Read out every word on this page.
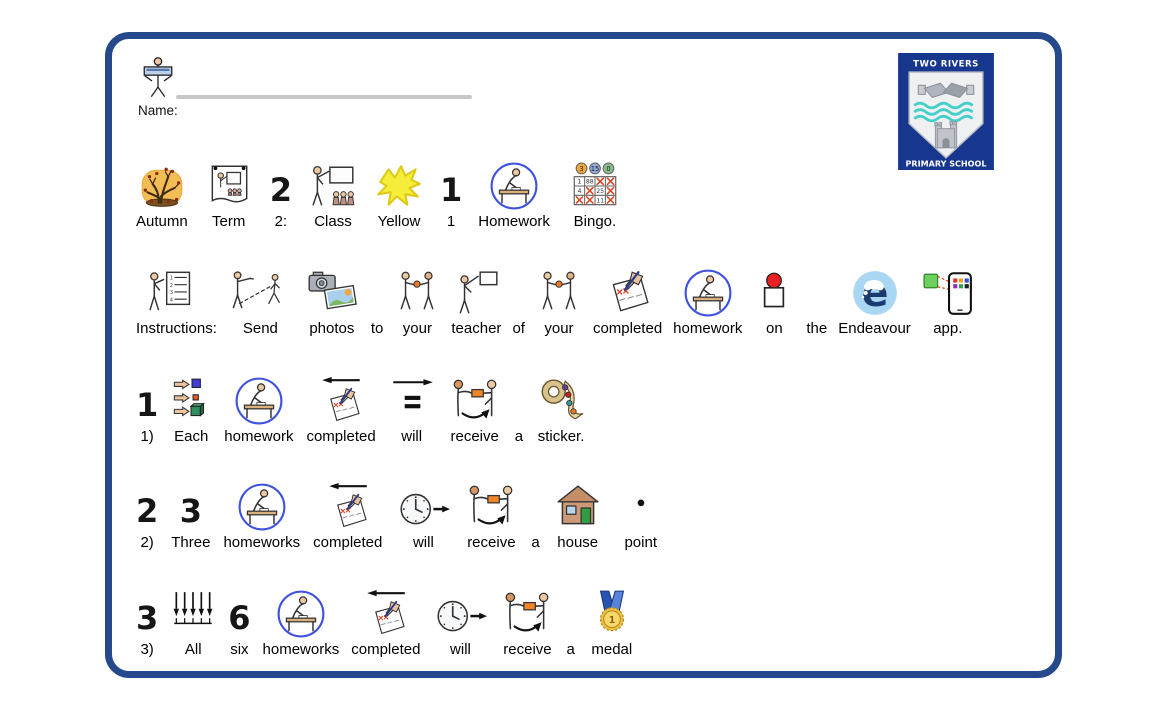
Name:
TWO RIVERS
PRIMARY SCHOOL
Autumn Term
2
2: Class Yellow
1
1 Homework Bingo.
Instructions: Send photos to your teacher of your completed homework on the Endeavour app.
1
1) Each homework completed will receive a sticker.
2
2)
3
Three homeworks completed will receive a house point
3
3) All
6
six homeworks completed will receive a medal
